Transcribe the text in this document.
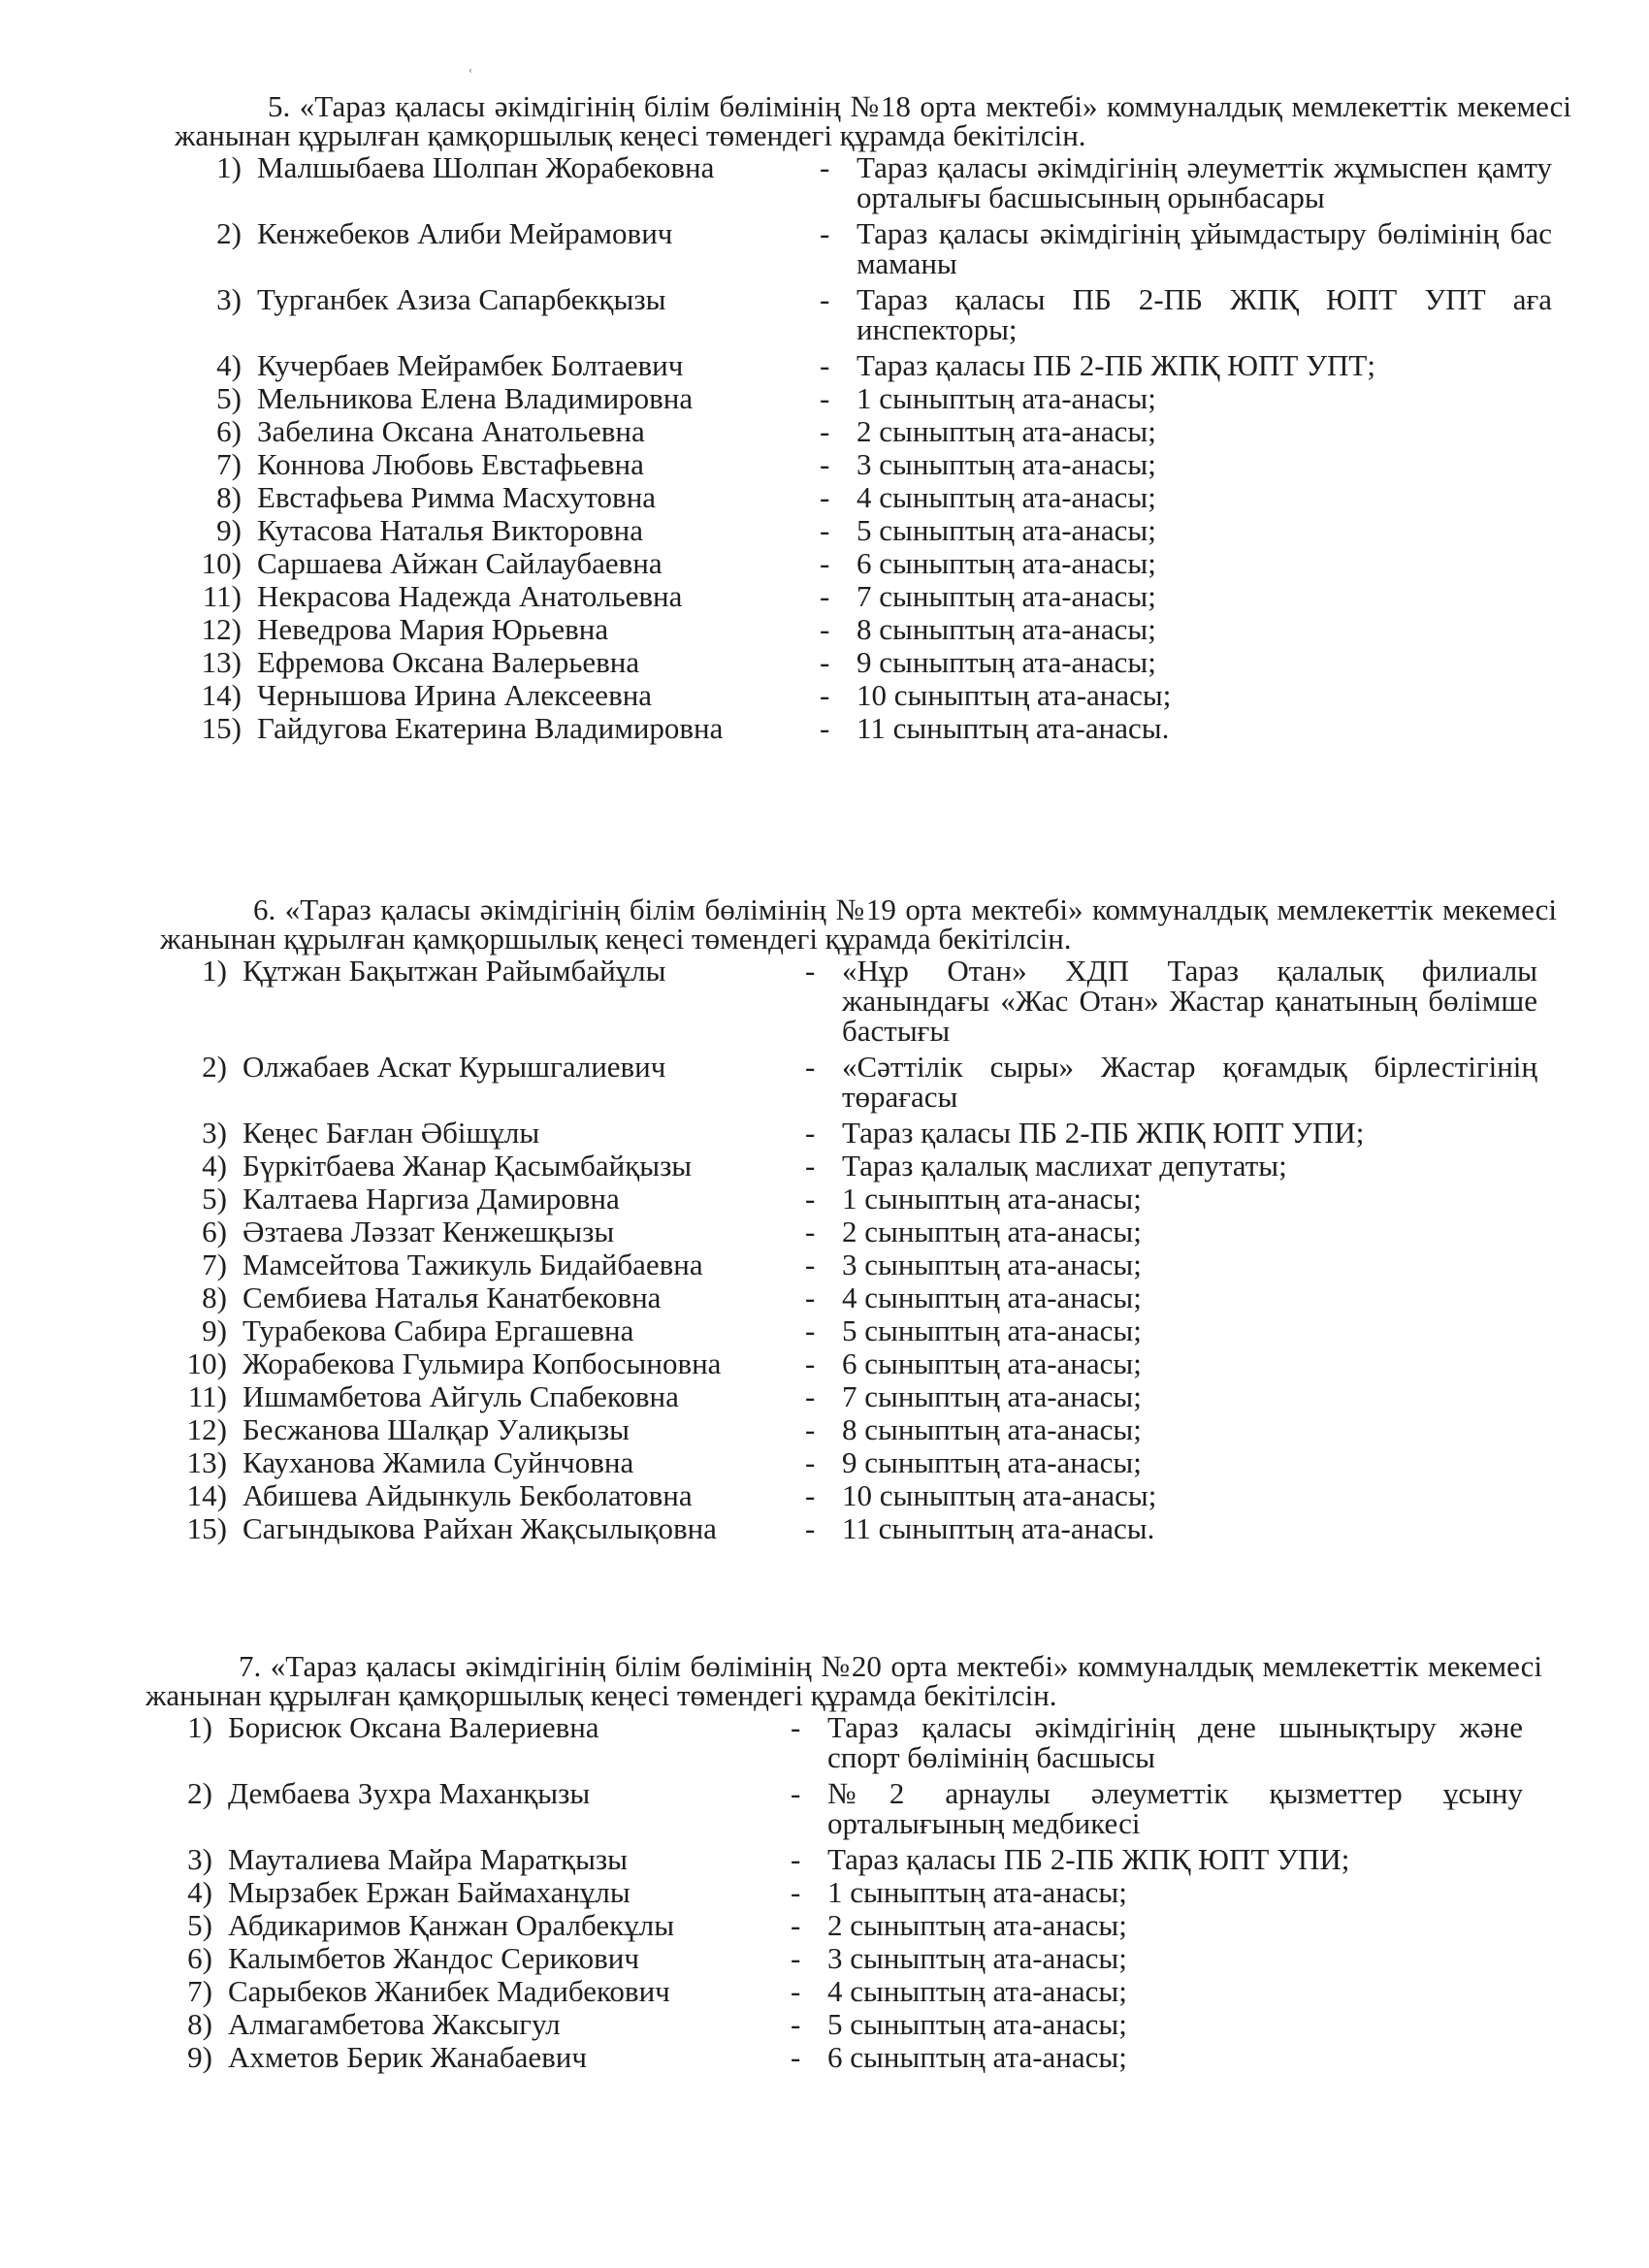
ʿ

5. «Тараз қаласы әкімдігінің білім бөлімінің №18 орта мектебі» коммуналдық мемлекеттік мекемесі жанынан құрылған қамқоршылық кеңесі төмендегі құрамда бекітілсін.

1) Малшыбаева Шолпан Жорабековна	- Тараз қаласы әкімдігінің әлеуметтік жұмыспен қамту орталығы басшысының орынбасары
2) Кенжебеков Алиби Мейрамович	- Тараз қаласы әкімдігінің ұйымдастыру бөлімінің бас маманы
3) Турганбек Азиза Сапарбекқызы	- Тараз қаласы ПБ 2-ПБ ЖПҚ ЮПТ УПТ аға инспекторы;
4) Кучербаев Мейрамбек Болтаевич	- Тараз қаласы ПБ 2-ПБ ЖПҚ ЮПТ УПТ;
5) Мельникова Елена Владимировна	- 1 сыныптың ата-анасы;
6) Забелина Оксана Анатольевна	- 2 сыныптың ата-анасы;
7) Коннова Любовь Евстафьевна	- 3 сыныптың ата-анасы;
8) Евстафьева Римма Масхутовна	- 4 сыныптың ата-анасы;
9) Кутасова Наталья Викторовна	- 5 сыныптың ата-анасы;
10) Саршаева Айжан Сайлаубаевна	- 6 сыныптың ата-анасы;
11) Некрасова Надежда Анатольевна	- 7 сыныптың ата-анасы;
12) Неведрова Мария Юрьевна	- 8 сыныптың ата-анасы;
13) Ефремова Оксана Валерьевна	- 9 сыныптың ата-анасы;
14) Чернышова Ирина Алексеевна	- 10 сыныптың ата-анасы;
15) Гайдугова Екатерина Владимировна	- 11 сыныптың ата-анасы.

6. «Тараз қаласы әкімдігінің білім бөлімінің №19 орта мектебі» коммуналдық мемлекеттік мекемесі жанынан құрылған қамқоршылық кеңесі төмендегі құрамда бекітілсін.

1) Құтжан Бақытжан Райымбайұлы	- «Нұр Отан» ХДП Тараз қалалық филиалы жанындағы «Жас Отан» Жастар қанатының бөлімше бастығы
2) Олжабаев Аскат Курышгалиевич	- «Сәттілік сыры» Жастар қоғамдық бірлестігінің төрағасы
3) Кеңес Бағлан Әбішұлы	- Тараз қаласы ПБ 2-ПБ ЖПҚ ЮПТ УПИ;
4) Бүркітбаева Жанар Қасымбайқызы	- Тараз қалалық маслихат депутаты;
5) Калтаева Наргиза Дамировна	- 1 сыныптың ата-анасы;
6) Әзтаева Ләззат Кенжешқызы	- 2 сыныптың ата-анасы;
7) Мамсейтова Тажикуль Бидайбаевна	- 3 сыныптың ата-анасы;
8) Сембиева Наталья Канатбековна	- 4 сыныптың ата-анасы;
9) Турабекова Сабира Ергашевна	- 5 сыныптың ата-анасы;
10) Жорабекова Гульмира Копбосыновна	- 6 сыныптың ата-анасы;
11) Ишмамбетова Айгуль Спабековна	- 7 сыныптың ата-анасы;
12) Бесжанова Шалқар Уалиқызы	- 8 сыныптың ата-анасы;
13) Кауханова Жамила Суйнчовна	- 9 сыныптың ата-анасы;
14) Абишева Айдынкуль Бекболатовна	- 10 сыныптың ата-анасы;
15) Сагындыкова Райхан Жақсылықовна	- 11 сыныптың ата-анасы.

7. «Тараз қаласы әкімдігінің білім бөлімінің №20 орта мектебі» коммуналдық мемлекеттік мекемесі жанынан құрылған қамқоршылық кеңесі төмендегі құрамда бекітілсін.

1) Борисюк Оксана Валериевна	- Тараз қаласы әкімдігінің дене шынықтыру және спорт бөлімінің басшысы
2) Дембаева Зухра Маханқызы	- №2 арнаулы әлеуметтік қызметтер ұсыну орталығының медбикесі
3) Мауталиева Майра Маратқызы	- Тараз қаласы ПБ 2-ПБ ЖПҚ ЮПТ УПИ;
4) Мырзабек Ержан Баймаханұлы	- 1 сыныптың ата-анасы;
5) Абдикаримов Қанжан Оралбекұлы	- 2 сыныптың ата-анасы;
6) Калымбетов Жандос Серикович	- 3 сыныптың ата-анасы;
7) Сарыбеков Жанибек Мадибекович	- 4 сыныптың ата-анасы;
8) Алмагамбетова Жаксыгул	- 5 сыныптың ата-анасы;
9) Ахметов Берик Жанабаевич	- 6 сыныптың ата-анасы;
